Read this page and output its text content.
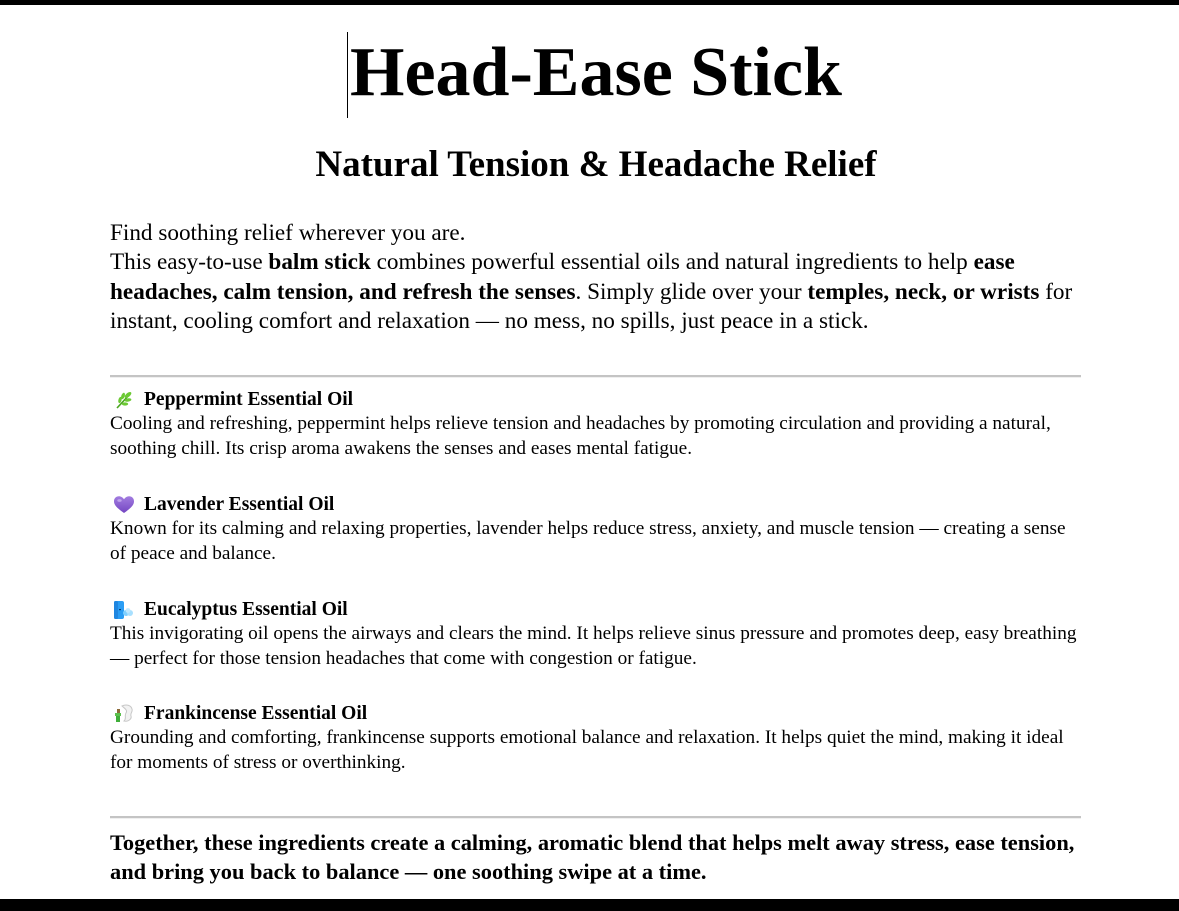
Head-Ease Stick
Natural Tension & Headache Relief

Find soothing relief wherever you are.

This easy-to-use balm stick combines powerful essential oils and natural ingredients to help ease headaches, calm tension, and refresh the senses. Simply glide over your temples, neck, or wrists for instant, cooling comfort and relaxation — no mess, no spills, just peace in a stick.

Peppermint Essential Oil

Cooling and refreshing, peppermint helps relieve tension and headaches by promoting circulation and providing a natural, soothing chill. Its crisp aroma awakens the senses and eases mental fatigue.

Lavender Essential Oil

Known for its calming and relaxing properties, lavender helps reduce stress, anxiety, and muscle tension — creating a sense of peace and balance.

Eucalyptus Essential Oil

This invigorating oil opens the airways and clears the mind. It helps relieve sinus pressure and promotes deep, easy breathing — perfect for those tension headaches that come with congestion or fatigue.

Frankincense Essential Oil

Grounding and comforting, frankincense supports emotional balance and relaxation. It helps quiet the mind, making it ideal for moments of stress or overthinking.

Together, these ingredients create a calming, aromatic blend that helps melt away stress, ease tension, and bring you back to balance — one soothing swipe at a time.
